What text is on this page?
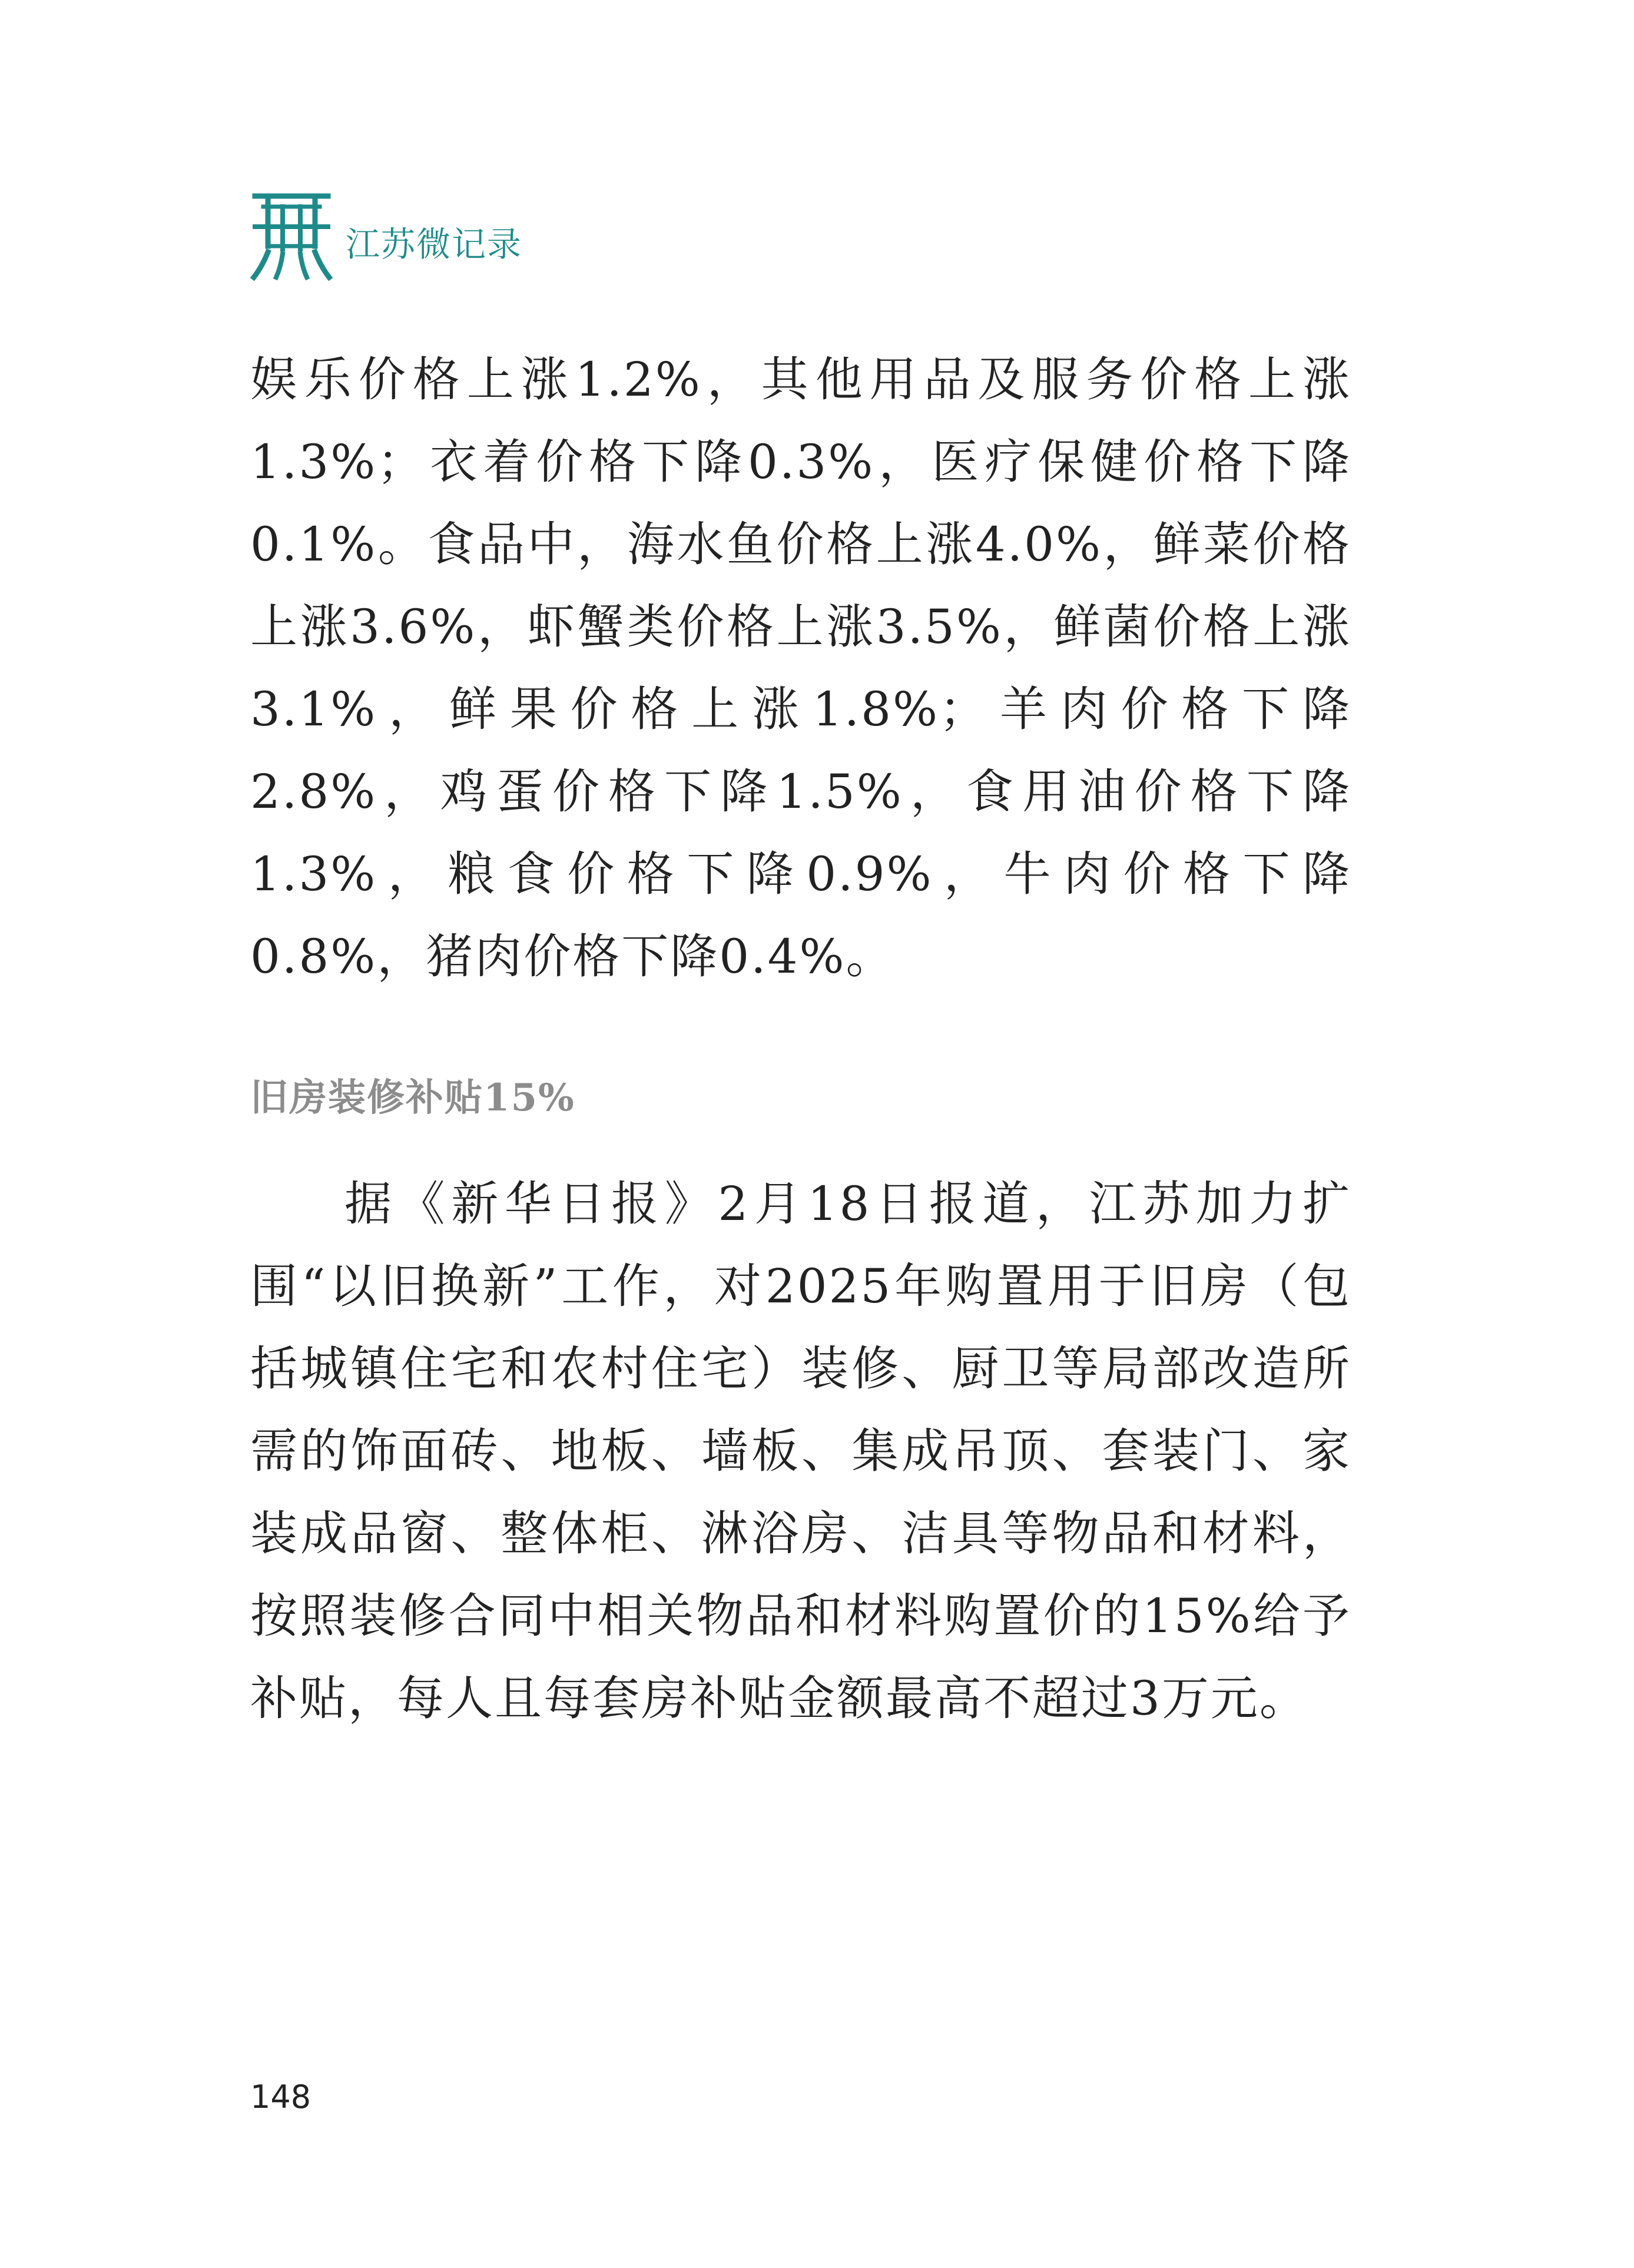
江苏微记录

娱乐价格上涨1.2%，其他用品及服务价格上涨1.3%；衣着价格下降0.3%，医疗保健价格下降0.1%。食品中，海水鱼价格上涨4.0%，鲜菜价格上涨3.6%，虾蟹类价格上涨3.5%，鲜菌价格上涨3.1%，鲜果价格上涨1.8%；羊肉价格下降2.8%，鸡蛋价格下降1.5%，食用油价格下降1.3%，粮食价格下降0.9%，牛肉价格下降0.8%，猪肉价格下降0.4%。

旧房装修补贴15%

据《新华日报》2月18日报道，江苏加力扩围“以旧换新”工作，对2025年购置用于旧房（包括城镇住宅和农村住宅）装修、厨卫等局部改造所需的饰面砖、地板、墙板、集成吊顶、套装门、家装成品窗、整体柜、淋浴房、洁具等物品和材料，按照装修合同中相关物品和材料购置价的15%给予补贴，每人且每套房补贴金额最高不超过3万元。

148
